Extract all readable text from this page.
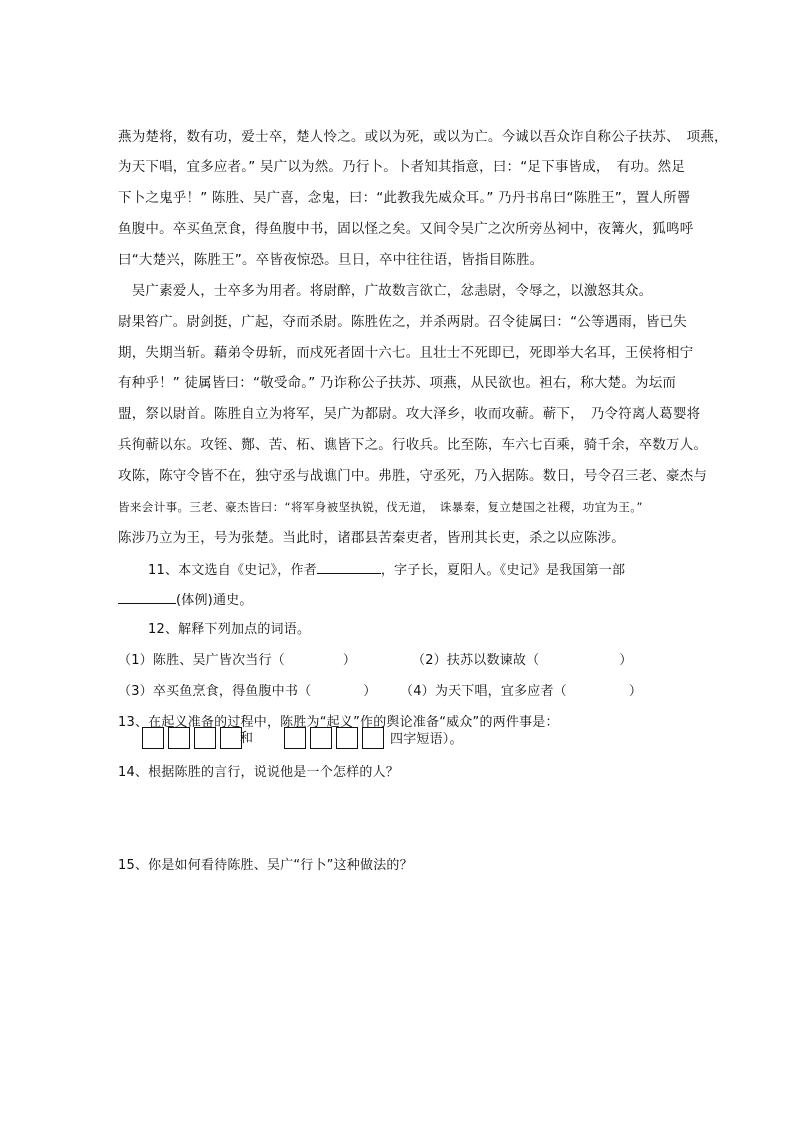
燕为楚将，数有功，爱士卒，楚人怜之。或以为死，或以为亡。今诚以吾众诈自称公子扶苏、　项燕，
为天下唱，宜多应者。” 吴广以为然。乃行卜。卜者知其指意，曰：“足下事皆成，　有功。然足
下卜之鬼乎！” 陈胜、吴广喜，念鬼，曰：“此教我先威众耳。” 乃丹书帛曰“陈胜王”，置人所罾
鱼腹中。卒买鱼烹食，得鱼腹中书，固以怪之矣。又间令吴广之次所旁丛祠中，夜篝火，狐鸣呼
曰“大楚兴，陈胜王”。卒皆夜惊恐。旦日，卒中往往语，皆指目陈胜。
　吴广素爱人，士卒多为用者。将尉醉，广故数言欲亡，忿恚尉，令辱之，以激怒其众。
尉果笞广。尉剑挺，广起，夺而杀尉。陈胜佐之，并杀两尉。召令徒属曰：“公等遇雨，皆已失
期，失期当斩。藉弟令毋斩，而戍死者固十六七。且壮士不死即已，死即举大名耳，王侯将相宁
有种乎！” 徒属皆曰：“敬受命。” 乃诈称公子扶苏、项燕，从民欲也。袒右，称大楚。为坛而
盟，祭以尉首。陈胜自立为将军，吴广为都尉。攻大泽乡，收而攻蕲。蕲下，　乃令符离人葛婴将
兵徇蕲以东。攻铚、酂、苦、柘、谯皆下之。行收兵。比至陈，车六七百乘，骑千余，卒数万人。
攻陈，陈守令皆不在，独守丞与战谯门中。弗胜，守丞死，乃入据陈。数日，号令召三老、豪杰与
皆来会计事。三老、豪杰皆曰：“将军身被坚执锐，伐无道，　诛暴秦，复立楚国之社稷，功宜为王。”
陈涉乃立为王，号为张楚。当此时，诸郡县苦秦吏者，皆刑其长吏，杀之以应陈涉。
11、本文选自《史记》，作者	，字子长，夏阳人。《史记》是我国第一部
(体例)通史。
12、解释下列加点的词语。
（1）陈胜、吴广皆次当行（	）	（2）扶苏以数谏故（	）
（3）卒买鱼烹食，得鱼腹中书（	） （4）为天下唱，宜多应者（	）
13、在起义准备的过程中，陈胜为“起义”作的舆论准备“威众”的两件事是：
和	四字短语）。
14、根据陈胜的言行，说说他是一个怎样的人？
15、你是如何看待陈胜、吴广“行卜”这种做法的？
